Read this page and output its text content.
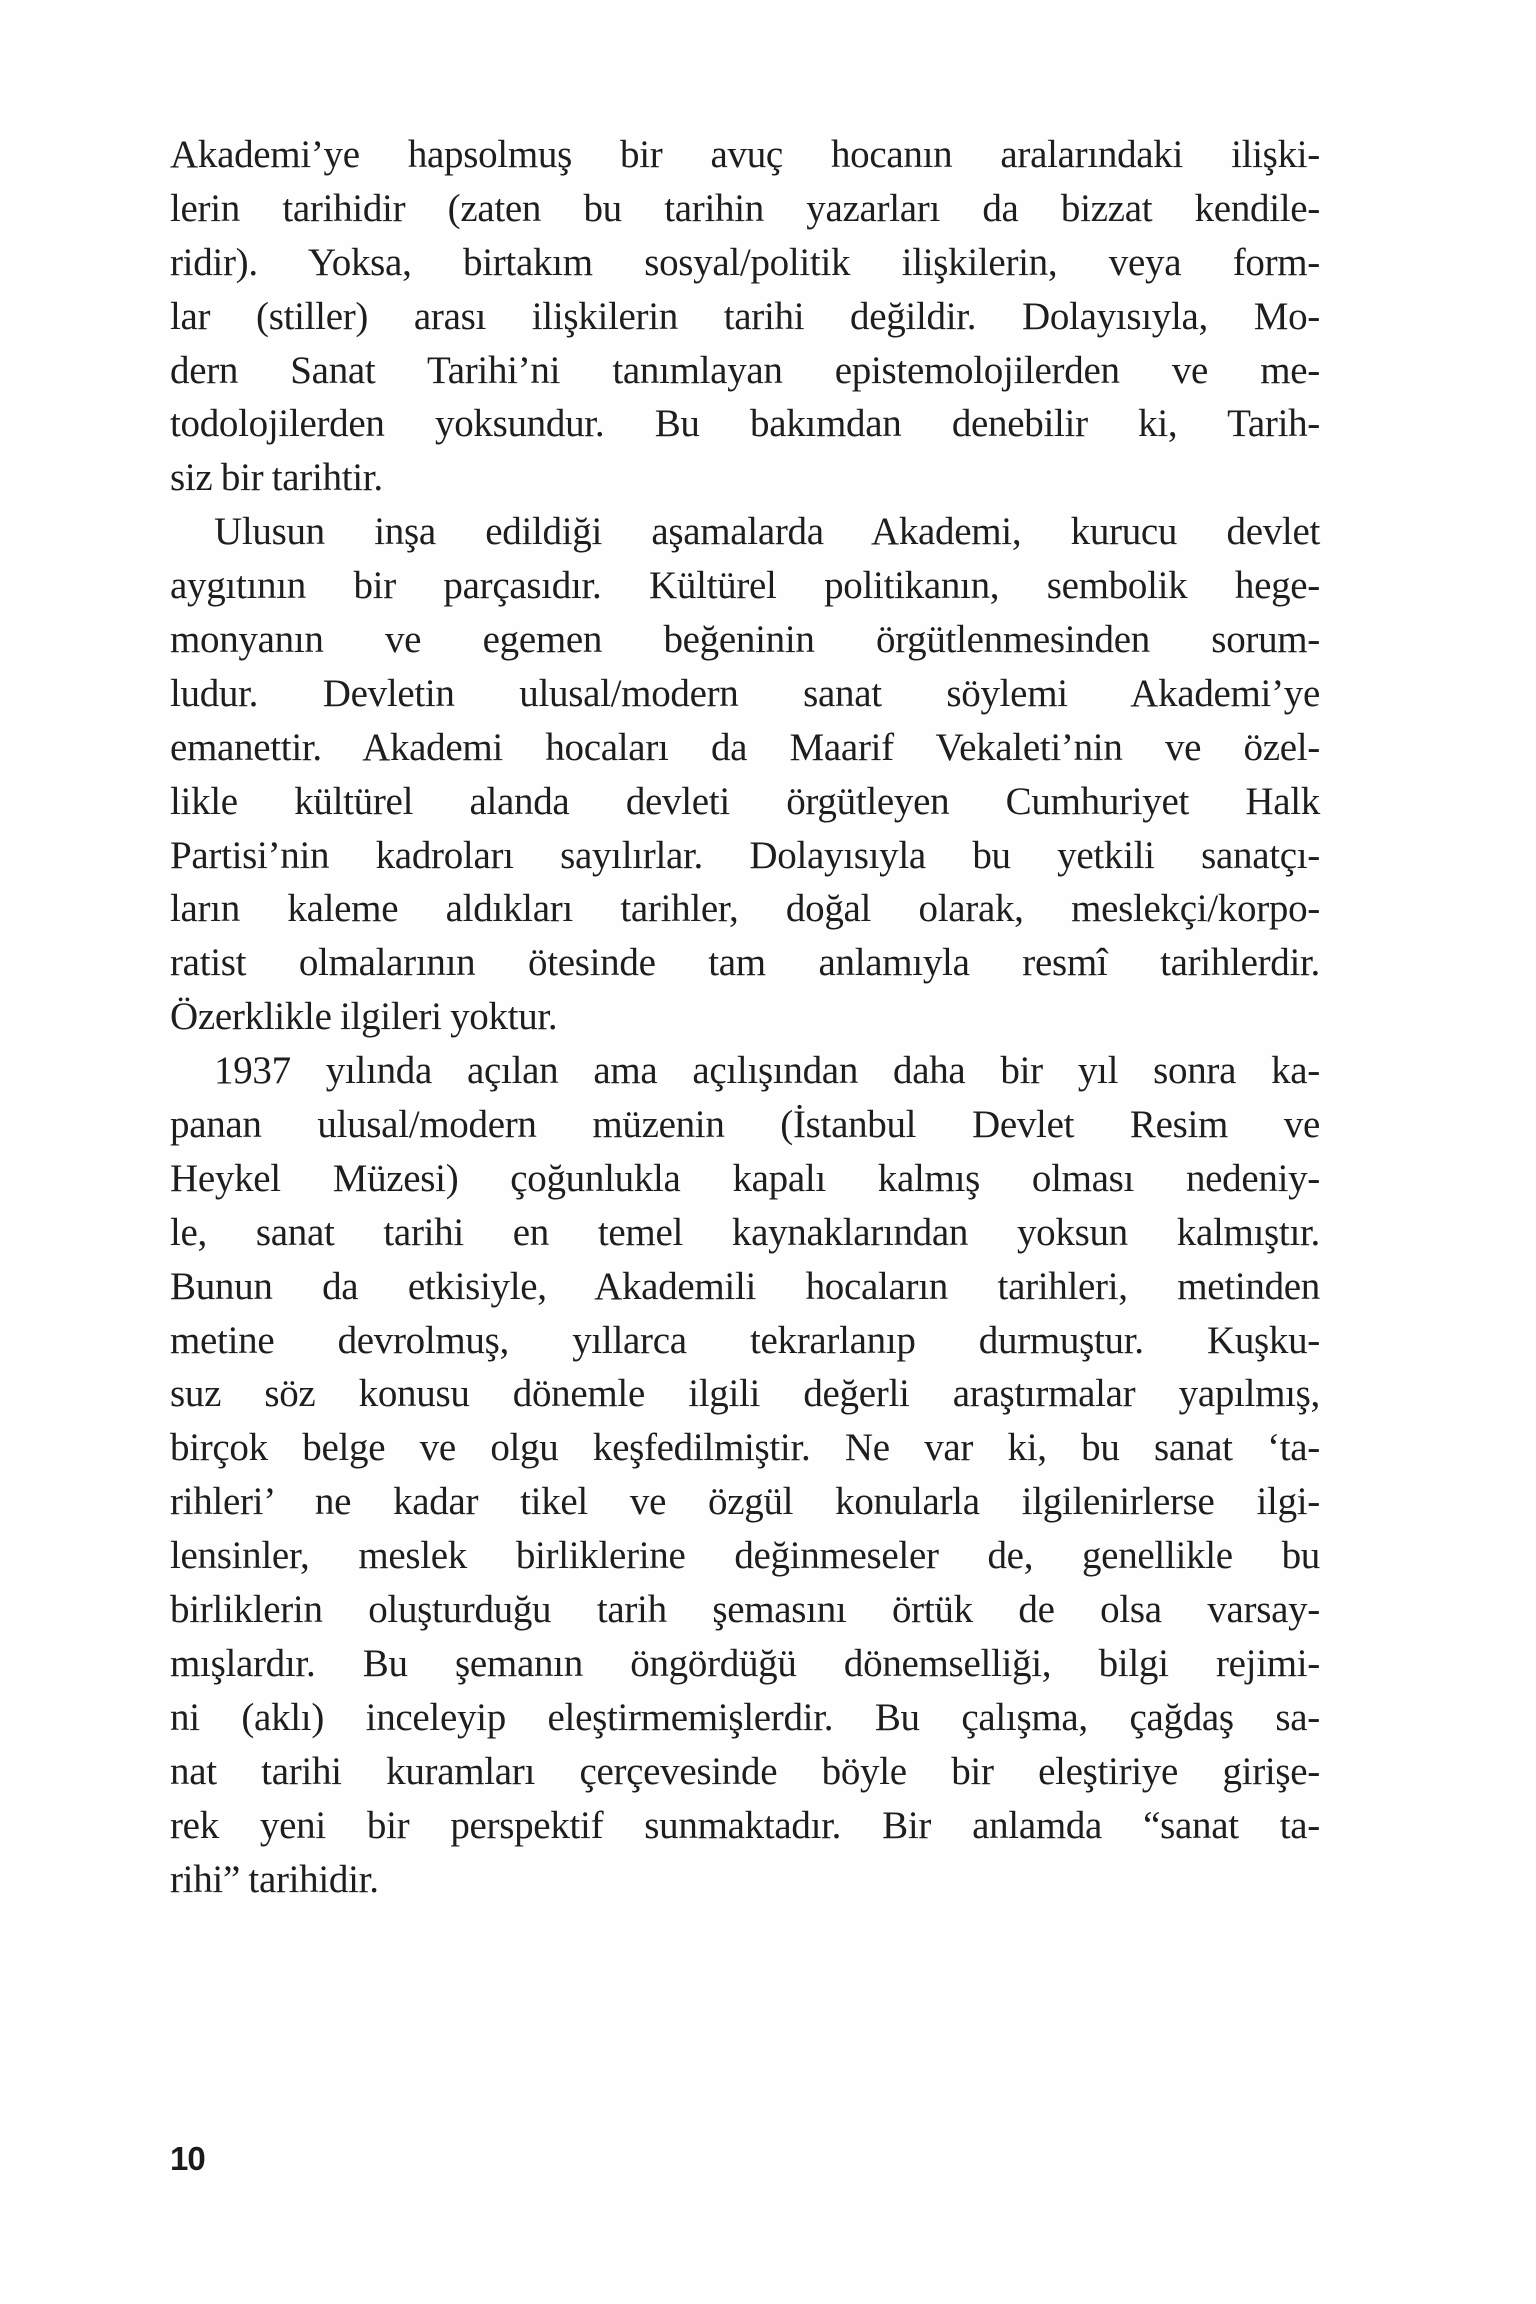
Akademi’ye hapsolmuş bir avuç hocanın aralarındaki ilişki-
lerin tarihidir (zaten bu tarihin yazarları da bizzat kendile-
ridir). Yoksa, birtakım sosyal/politik ilişkilerin, veya form-
lar (stiller) arası ilişkilerin tarihi değildir. Dolayısıyla, Mo-
dern Sanat Tarihi’ni tanımlayan epistemolojilerden ve me-
todolojilerden yoksundur. Bu bakımdan denebilir ki, Tarih-
siz bir tarihtir.
Ulusun inşa edildiği aşamalarda Akademi, kurucu devlet
aygıtının bir parçasıdır. Kültürel politikanın, sembolik hege-
monyanın ve egemen beğeninin örgütlenmesinden sorum-
ludur. Devletin ulusal/modern sanat söylemi Akademi’ye
emanettir. Akademi hocaları da Maarif Vekaleti’nin ve özel-
likle kültürel alanda devleti örgütleyen Cumhuriyet Halk
Partisi’nin kadroları sayılırlar. Dolayısıyla bu yetkili sanatçı-
ların kaleme aldıkları tarihler, doğal olarak, meslekçi/korpo-
ratist olmalarının ötesinde tam anlamıyla resmî tarihlerdir.
Özerklikle ilgileri yoktur.
1937 yılında açılan ama açılışından daha bir yıl sonra ka-
panan ulusal/modern müzenin (İstanbul Devlet Resim ve
Heykel Müzesi) çoğunlukla kapalı kalmış olması nedeniy-
le, sanat tarihi en temel kaynaklarından yoksun kalmıştır.
Bunun da etkisiyle, Akademili hocaların tarihleri, metinden
metine devrolmuş, yıllarca tekrarlanıp durmuştur. Kuşku-
suz söz konusu dönemle ilgili değerli araştırmalar yapılmış,
birçok belge ve olgu keşfedilmiştir. Ne var ki, bu sanat ‘ta-
rihleri’ ne kadar tikel ve özgül konularla ilgilenirlerse ilgi-
lensinler, meslek birliklerine değinmeseler de, genellikle bu
birliklerin oluşturduğu tarih şemasını örtük de olsa varsay-
mışlardır. Bu şemanın öngördüğü dönemselliği, bilgi rejimi-
ni (aklı) inceleyip eleştirmemişlerdir. Bu çalışma, çağdaş sa-
nat tarihi kuramları çerçevesinde böyle bir eleştiriye girişe-
rek yeni bir perspektif sunmaktadır. Bir anlamda “sanat ta-
rihi” tarihidir.
10
